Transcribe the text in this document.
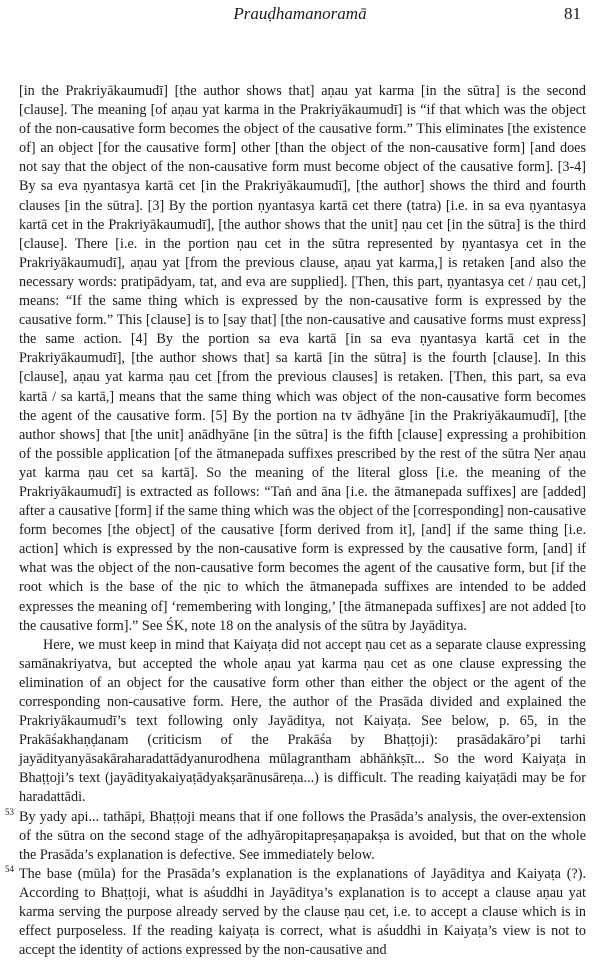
Prauḍhamanoramā	81

[in the Prakriyākaumudī] [the author shows that] aṇau yat karma [in the sūtra] is the second [clause]. The meaning [of aṇau yat karma in the Prakriyākaumudī] is “if that which was the object of the non-causative form becomes the object of the causative form.” This eliminates [the existence of] an object [for the causative form] other [than the object of the non-causative form] [and does not say that the object of the non-causative form must become object of the causative form]. [3-4] By sa eva ṇyantasya kartā cet [in the Prakriyākaumudī], [the author] shows the third and fourth clauses [in the sūtra]. [3] By the portion ṇyantasya kartā cet there (tatra) [i.e. in sa eva ṇyantasya kartā cet in the Prakriyākaumudī], [the author shows that the unit] ṇau cet [in the sūtra] is the third [clause]. There [i.e. in the portion ṇau cet in the sūtra represented by ṇyantasya cet in the Prakriyākaumudī], aṇau yat [from the previous clause, aṇau yat karma,] is retaken [and also the necessary words: pratipādyam, tat, and eva are supplied]. [Then, this part, ṇyantasya cet / ṇau cet,] means: “If the same thing which is expressed by the non-causative form is expressed by the causative form.” This [clause] is to [say that] [the non-causative and causative forms must express] the same action. [4] By the portion sa eva kartā [in sa eva ṇyantasya kartā cet in the Prakriyākaumudī], [the author shows that] sa kartā [in the sūtra] is the fourth [clause]. In this [clause], aṇau yat karma ṇau cet [from the previous clauses] is retaken. [Then, this part, sa eva kartā / sa kartā,] means that the same thing which was object of the non-causative form becomes the agent of the causative form. [5] By the portion na tv ādhyāne [in the Prakriyākaumudī], [the author shows] that [the unit] anādhyāne [in the sūtra] is the fifth [clause] expressing a prohibition of the possible application [of the ātmanepada suffixes prescribed by the rest of the sūtra Ṇer aṇau yat karma ṇau cet sa kartā]. So the meaning of the literal gloss [i.e. the meaning of the Prakriyākaumudī] is extracted as follows: “Taṅ and āna [i.e. the ātmanepada suffixes] are [added] after a causative [form] if the same thing which was the object of the [corresponding] non-causative form becomes [the object] of the causative [form derived from it], [and] if the same thing [i.e. action] which is expressed by the non-causative form is expressed by the causative form, [and] if what was the object of the non-causative form becomes the agent of the causative form, but [if the root which is the base of the ṇic to which the ātmanepada suffixes are intended to be added expresses the meaning of] ‘remembering with longing,’ [the ātmanepada suffixes] are not added [to the causative form].” See ŚK, note 18 on the analysis of the sūtra by Jayāditya.

Here, we must keep in mind that Kaiyaṭa did not accept ṇau cet as a separate clause expressing samānakriyatva, but accepted the whole aṇau yat karma ṇau cet as one clause expressing the elimination of an object for the causative form other than either the object or the agent of the corresponding non-causative form. Here, the author of the Prasāda divided and explained the Prakriyākaumudī’s text following only Jayāditya, not Kaiyaṭa. See below, p. 65, in the Prakāśakhaṇḍanam (criticism of the Prakāśa by Bhaṭṭoji): prasādakāro’pi tarhi jayādityanyāsakāraharadattādyanurodhena mūlagrantham abhāṅkṣīt... So the word Kaiyaṭa in Bhaṭṭoji’s text (jayādityakaiyaṭādyakṣarānusāreṇa...) is difficult. The reading kaiyaṭādi may be for haradattādi.

53 By yady api... tathāpi, Bhaṭṭoji means that if one follows the Prasāda’s analysis, the over-extension of the sūtra on the second stage of the adhyāropitapreṣaṇapakṣa is avoided, but that on the whole the Prasāda’s explanation is defective. See immediately below.

54 The base (mūla) for the Prasāda’s explanation is the explanations of Jayāditya and Kaiyaṭa (?). According to Bhaṭṭoji, what is aśuddhi in Jayāditya’s explanation is to accept a clause aṇau yat karma serving the purpose already served by the clause ṇau cet, i.e. to accept a clause which is in effect purposeless. If the reading kaiyaṭa is correct, what is aśuddhi in Kaiyaṭa’s view is not to accept the identity of actions expressed by the non-causative and
